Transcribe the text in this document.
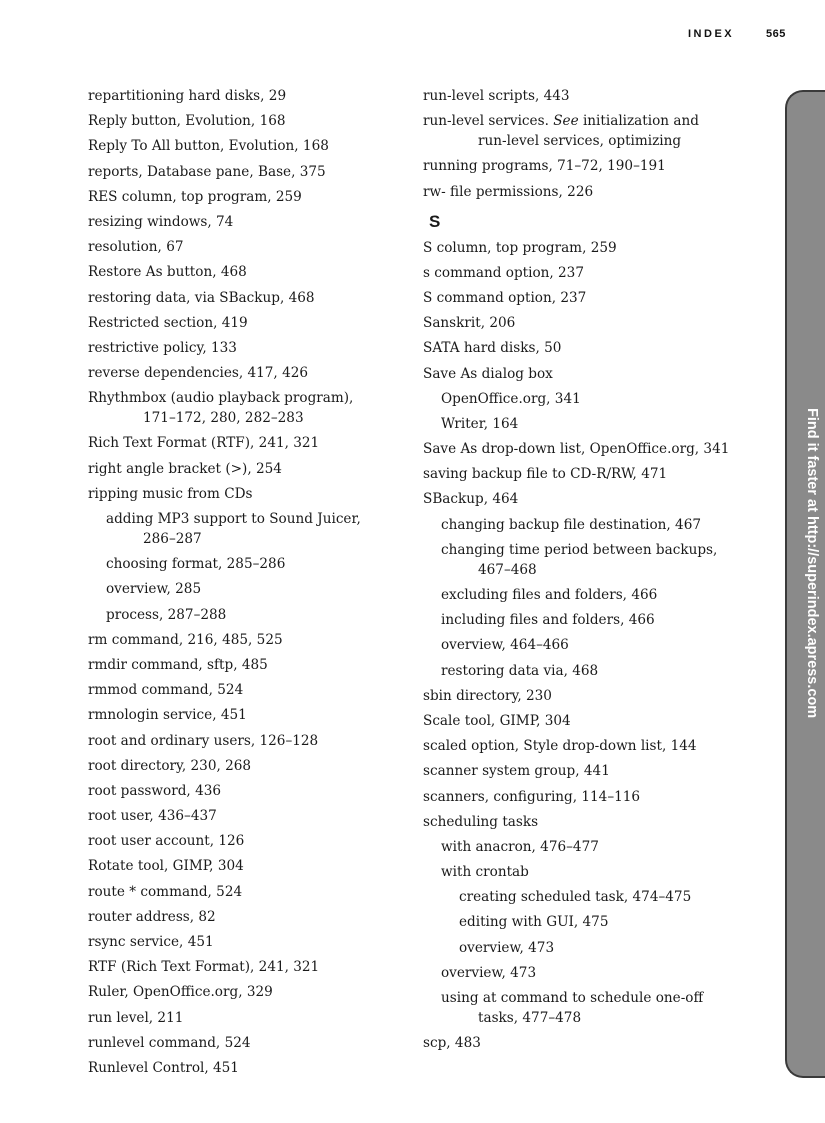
INDEX	565
repartitioning hard disks, 29
Reply button, Evolution, 168
Reply To All button, Evolution, 168
reports, Database pane, Base, 375
RES column, top program, 259
resizing windows, 74
resolution, 67
Restore As button, 468
restoring data, via SBackup, 468
Restricted section, 419
restrictive policy, 133
reverse dependencies, 417, 426
Rhythmbox (audio playback program),
171–172, 280, 282–283
Rich Text Format (RTF), 241, 321
right angle bracket (>), 254
ripping music from CDs
adding MP3 support to Sound Juicer,
286–287
choosing format, 285–286
overview, 285
process, 287–288
rm command, 216, 485, 525
rmdir command, sftp, 485
rmmod command, 524
rmnologin service, 451
root and ordinary users, 126–128
root directory, 230, 268
root password, 436
root user, 436–437
root user account, 126
Rotate tool, GIMP, 304
route * command, 524
router address, 82
rsync service, 451
RTF (Rich Text Format), 241, 321
Ruler, OpenOffice.org, 329
run level, 211
runlevel command, 524
Runlevel Control, 451
run-level scripts, 443
run-level services. See initialization and
run-level services, optimizing
running programs, 71–72, 190–191
rw- file permissions, 226
S
S column, top program, 259
s command option, 237
S command option, 237
Sanskrit, 206
SATA hard disks, 50
Save As dialog box
OpenOffice.org, 341
Writer, 164
Save As drop-down list, OpenOffice.org, 341
saving backup file to CD-R/RW, 471
SBackup, 464
changing backup file destination, 467
changing time period between backups,
467–468
excluding files and folders, 466
including files and folders, 466
overview, 464–466
restoring data via, 468
sbin directory, 230
Scale tool, GIMP, 304
scaled option, Style drop-down list, 144
scanner system group, 441
scanners, configuring, 114–116
scheduling tasks
with anacron, 476–477
with crontab
creating scheduled task, 474–475
editing with GUI, 475
overview, 473
overview, 473
using at command to schedule one-off
tasks, 477–478
scp, 483
Find it faster at http://superindex.apress.com
